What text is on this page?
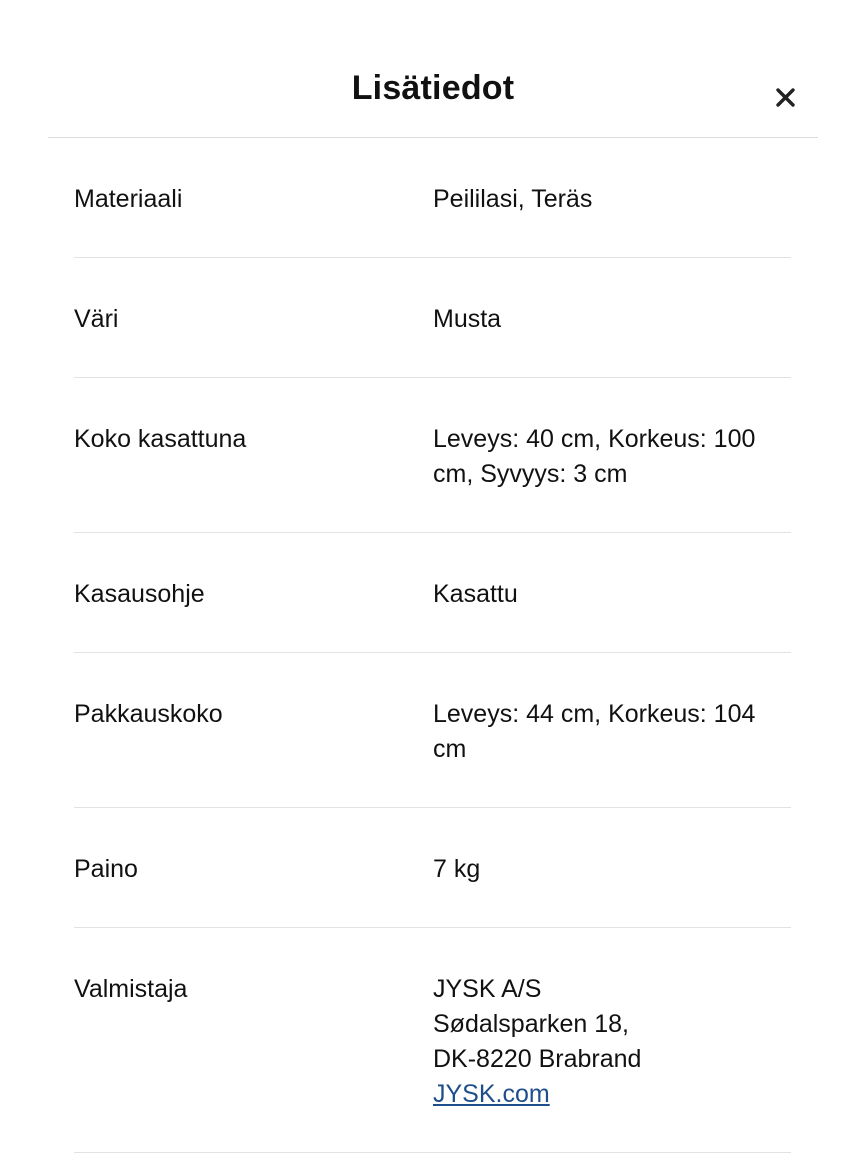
Lisätiedot
Materiaali	Peililasi, Teräs
Väri	Musta
Koko kasattuna	Leveys: 40 cm, Korkeus: 100
cm, Syvyys: 3 cm
Kasausohje	Kasattu
Pakkauskoko	Leveys: 44 cm, Korkeus: 104
cm
Paino	7 kg
Valmistaja	JYSK A/S
Sødalsparken 18,
DK-8220 Brabrand
JYSK.com
